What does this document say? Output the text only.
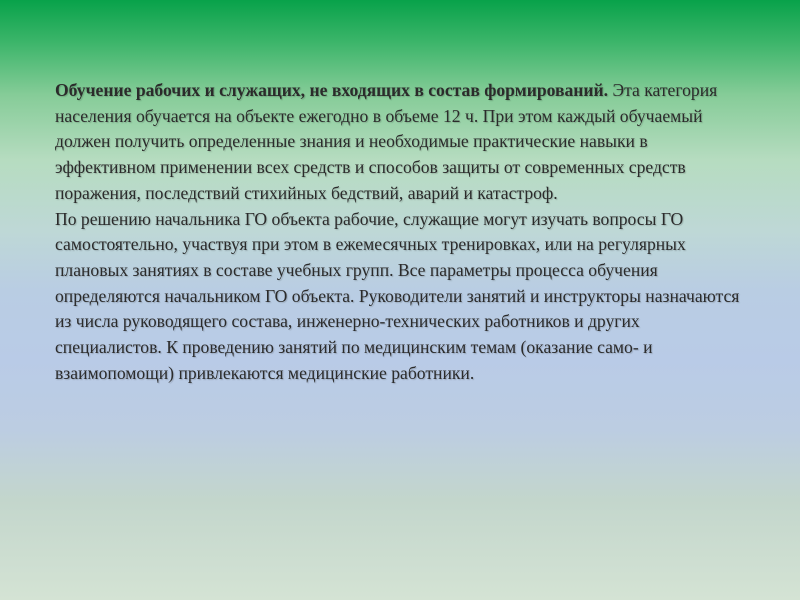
Обучение рабочих и служащих, не входящих в состав формирований. Эта категория населения обучается на объекте ежегодно в объеме 12 ч. При этом каждый обучаемый должен получить определенные знания и необходимые практические навыки в эффективном применении всех средств и способов защиты от современных средств поражения, последствий стихийных бедствий, аварий и катастроф.

По решению начальника ГО объекта рабочие, служащие могут изучать вопросы ГО самостоятельно, участвуя при этом в ежемесячных тренировках, или на регулярных плановых занятиях в составе учебных групп. Все параметры процесса обучения определяются начальником ГО объекта. Руководители занятий и инструкторы назначаются из числа руководящего состава, инженерно-технических работников и других специалистов. К проведению занятий по медицинским темам (оказание само- и взаимопомощи) привлекаются медицинские работники.
